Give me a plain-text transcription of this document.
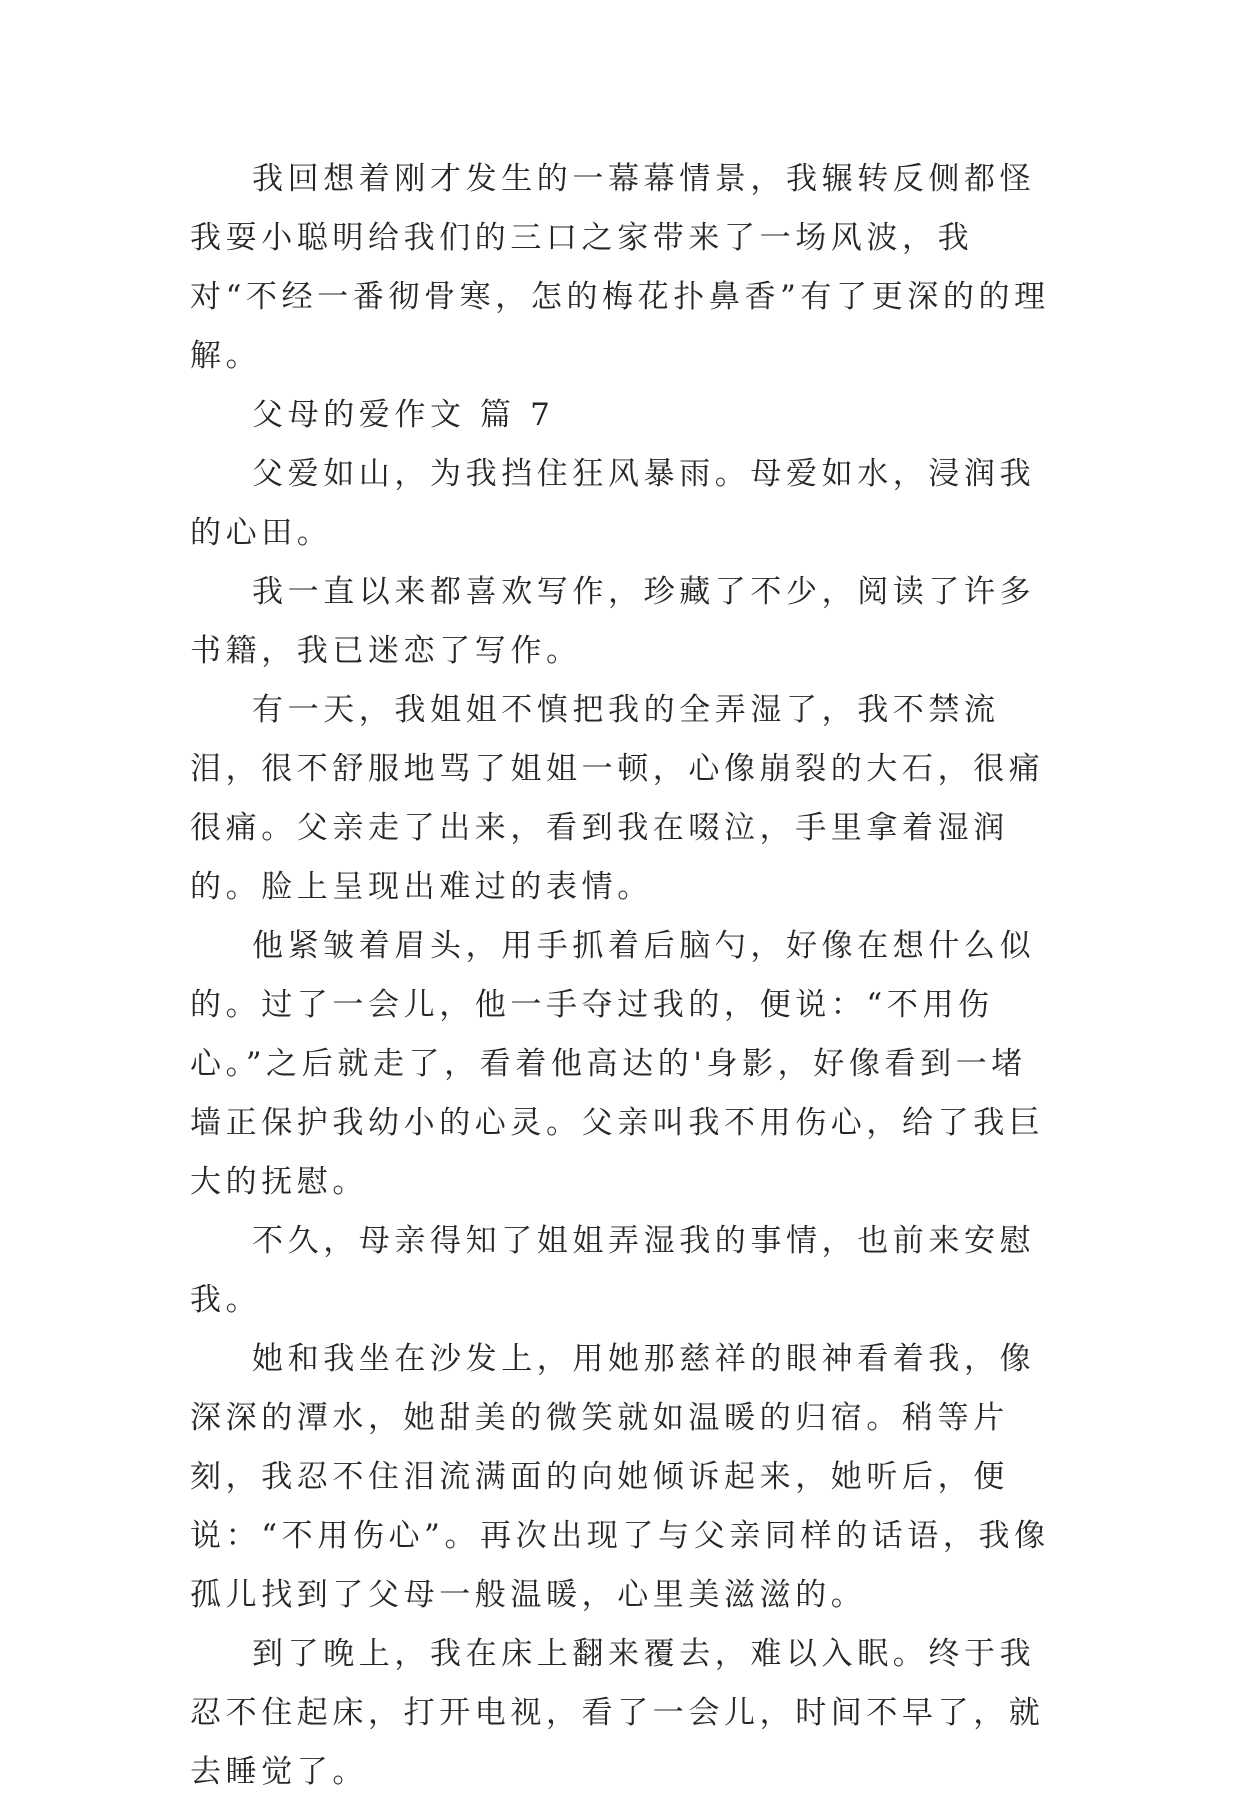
我回想着刚才发生的一幕幕情景，我辗转反侧都怪我耍小聪明给我们的三口之家带来了一场风波，我对“不经一番彻骨寒，怎的梅花扑鼻香”有了更深的的理解。

父母的爱作文 篇 7

父爱如山，为我挡住狂风暴雨。母爱如水，浸润我的心田。

我一直以来都喜欢写作，珍藏了不少，阅读了许多书籍，我已迷恋了写作。

有一天，我姐姐不慎把我的全弄湿了，我不禁流泪，很不舒服地骂了姐姐一顿，心像崩裂的大石，很痛很痛。父亲走了出来，看到我在啜泣，手里拿着湿润的。脸上呈现出难过的表情。

他紧皱着眉头，用手抓着后脑勺，好像在想什么似的。过了一会儿，他一手夺过我的，便说：“不用伤心。”之后就走了，看着他高达的'身影，好像看到一堵墙正保护我幼小的心灵。父亲叫我不用伤心，给了我巨大的抚慰。

不久，母亲得知了姐姐弄湿我的事情，也前来安慰我。

她和我坐在沙发上，用她那慈祥的眼神看着我，像深深的潭水，她甜美的微笑就如温暖的归宿。稍等片刻，我忍不住泪流满面的向她倾诉起来，她听后，便说：“不用伤心”。再次出现了与父亲同样的话语，我像孤儿找到了父母一般温暖，心里美滋滋的。

到了晚上，我在床上翻来覆去，难以入眠。终于我忍不住起床，打开电视，看了一会儿，时间不早了，就去睡觉了。
